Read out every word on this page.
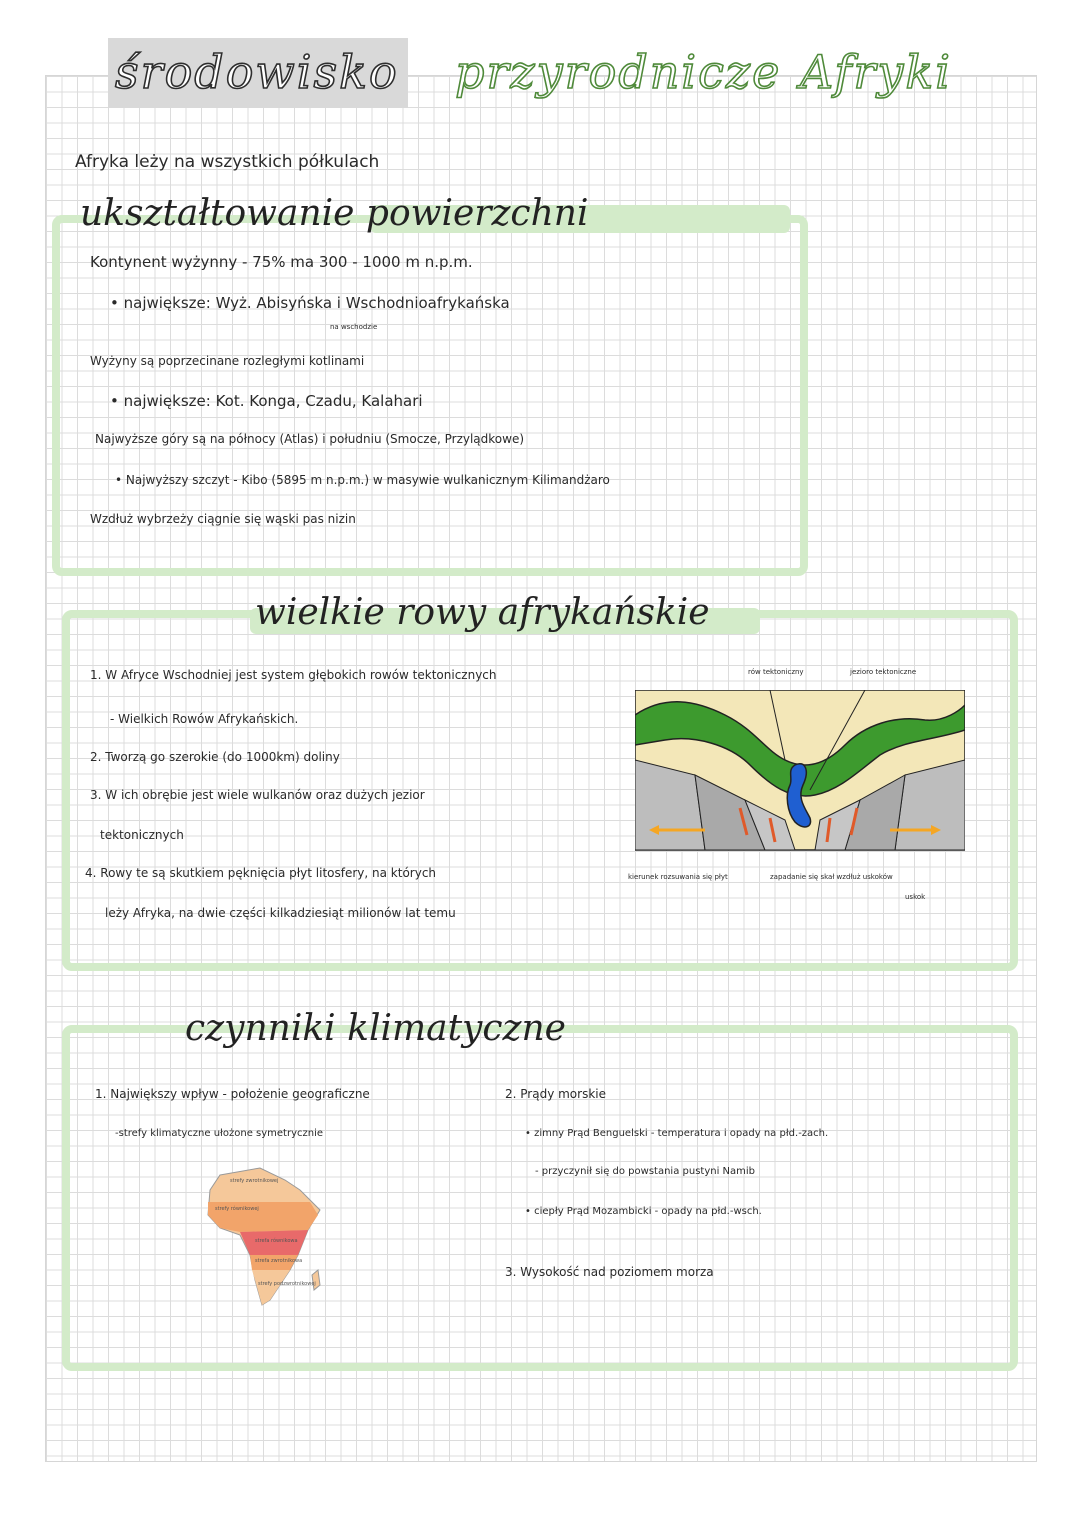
środowisko przyrodnicze Afryki
Afryka leży na wszystkich półkulach
ukształtowanie powierzchni
Kontynent wyżynny - 75% ma 300 - 1000 m n.p.m.
• największe: Wyż. Abisyńska i Wschodnioafrykańska
na wschodzie
Wyżyny są poprzecinane rozległymi kotlinami
• największe: Kot. Konga, Czadu, Kalahari
Najwyższe góry są na północy (Atlas) i południu (Smocze, Przylądkowe)
• Najwyższy szczyt - Kibo (5895 m n.p.m.) w masywie wulkanicznym Kilimandżaro
Wzdłuż wybrzeży ciągnie się wąski pas nizin
wielkie rowy afrykańskie
1. W Afryce Wschodniej jest system głębokich rowów tektonicznych
- Wielkich Rowów Afrykańskich.
2. Tworzą go szerokie (do 1000km) doliny
3. W ich obrębie jest wiele wulkanów oraz dużych jezior
tektonicznych
4. Rowy te są skutkiem pęknięcia płyt litosfery, na których
leży Afryka, na dwie części kilkadziesiąt milionów lat temu
rów tektoniczny	jezioro tektoniczne
kierunek rozsuwania się płyt	zapadanie się skał wzdłuż uskoków
uskok
czynniki klimatyczne
1. Największy wpływ - położenie geograficzne
-strefy klimatyczne ułożone symetrycznie
strefy zwrotnikowej
strefy równikowej
strefa równikowa
strefa zwrotnikowa
strefy podzwrotnikowej
2. Prądy morskie
• zimny Prąd Benguelski - temperatura i opady na płd.-zach.
- przyczynił się do powstania pustyni Namib
• ciepły Prąd Mozambicki - opady na płd.-wsch.
3. Wysokość nad poziomem morza
